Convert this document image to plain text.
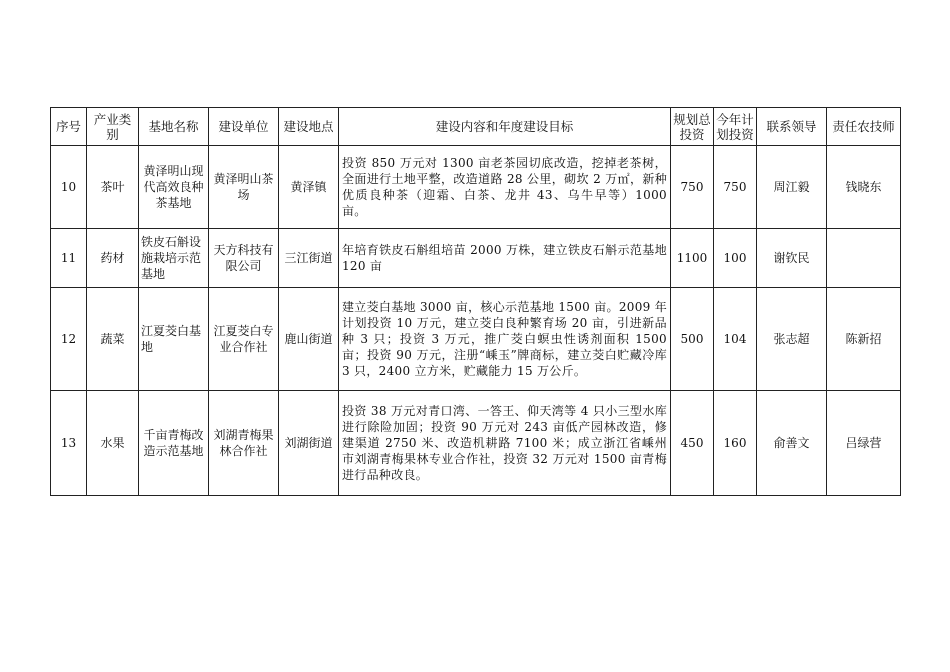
序号	产业类别	基地名称	建设单位	建设地点	建设内容和年度建设目标	规划总投资	今年计划投资	联系领导	责任农技师
10	茶叶	黄泽明山现代高效良种茶基地	黄泽明山茶场	黄泽镇	投资 850 万元对 1300 亩老茶园切底改造，挖掉老茶树，全面进行土地平整，改造道路 28 公里，砌坎 2 万㎡，新种优质良种茶（迎霜、白茶、龙井 43、乌牛早等）1000 亩。	750	750	周江毅	钱晓东
11	药材	铁皮石斛设施栽培示范基地	天方科技有限公司	三江街道	年培育铁皮石斛组培苗 2000 万株，建立铁皮石斛示范基地 120 亩	1100	100	谢钦民	
12	蔬菜	江夏茭白基地	江夏茭白专业合作社	鹿山街道	建立茭白基地 3000 亩，核心示范基地 1500 亩。2009 年计划投资 10 万元，建立茭白良种繁育场 20 亩，引进新品种 3 只；投资 3 万元，推广茭白螟虫性诱剂面积 1500 亩；投资 90 万元，注册“嵊玉”牌商标，建立茭白贮藏冷库 3 只，2400 立方米，贮藏能力 15 万公斤。	500	104	张志超	陈新招
13	水果	千亩青梅改造示范基地	刘湖青梅果林合作社	刘湖街道	投资 38 万元对青口湾、一答王、仰天湾等 4 只小三型水库进行除险加固；投资 90 万元对 243 亩低产园林改造，修建渠道 2750 米、改造机耕路 7100 米；成立浙江省嵊州市刘湖青梅果林专业合作社，投资 32 万元对 1500 亩青梅进行品种改良。	450	160	俞善文	吕绿营
